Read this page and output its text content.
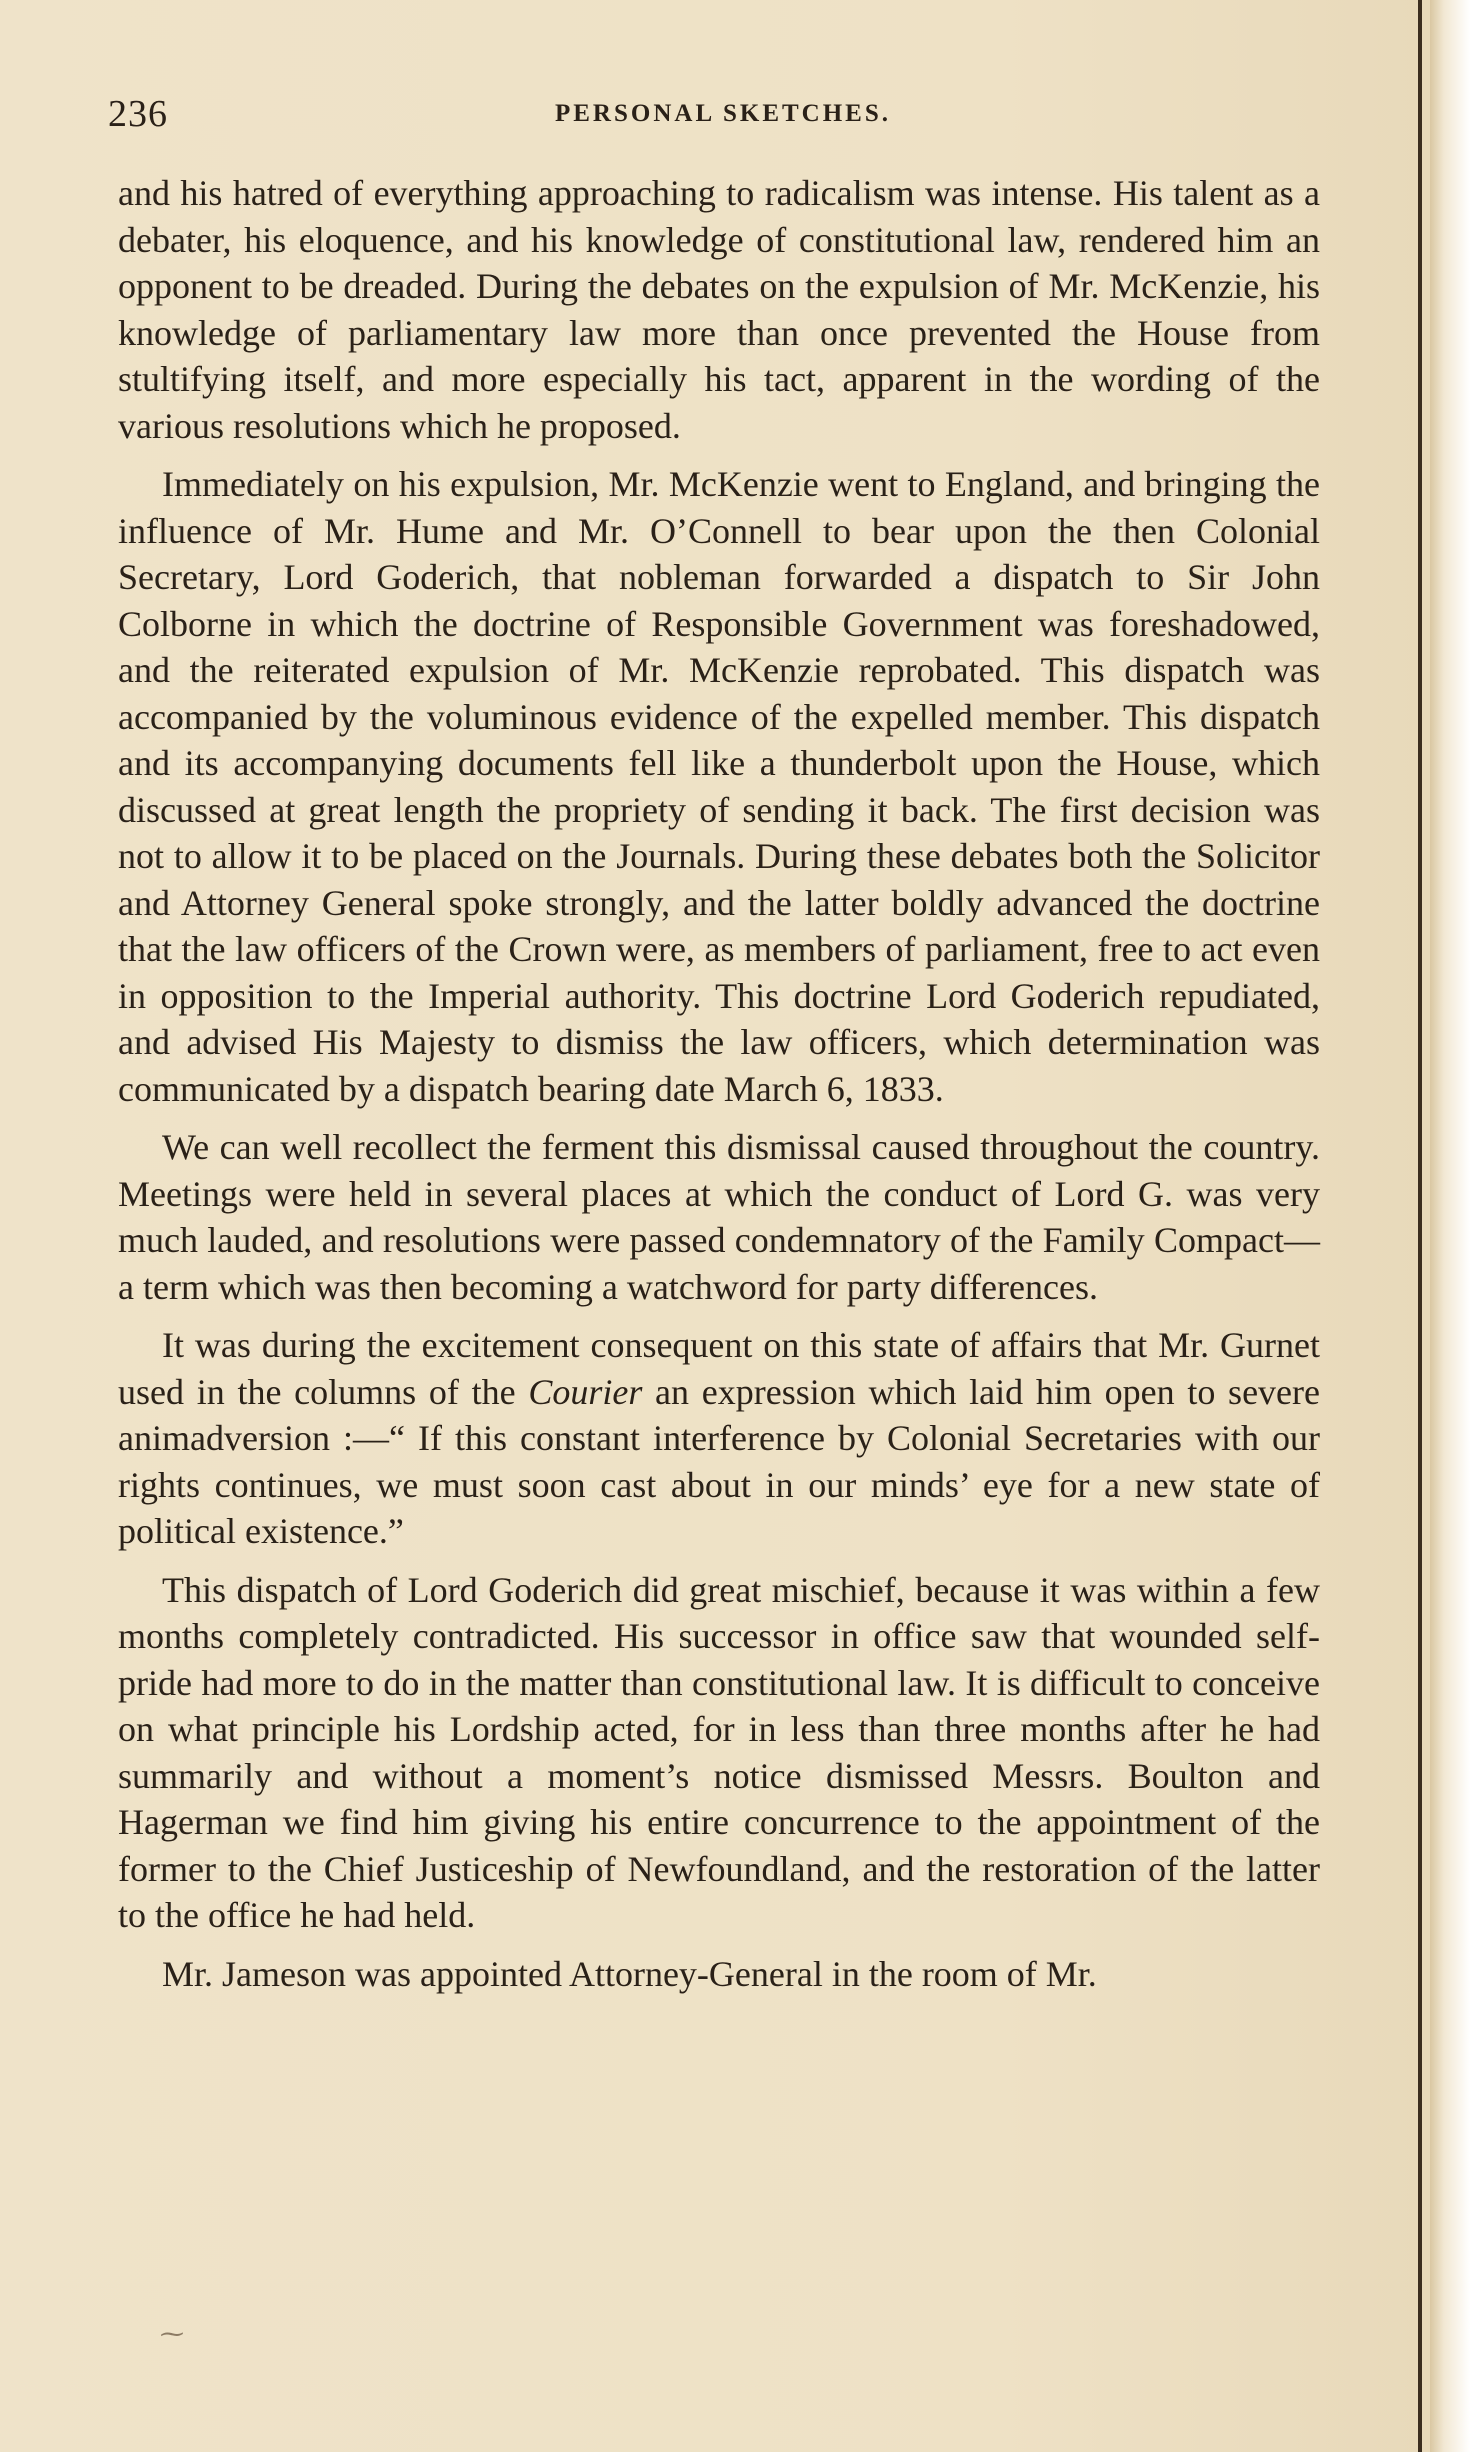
236	PERSONAL SKETCHES.

and his hatred of everything approaching to radicalism was intense. His talent as a debater, his eloquence, and his knowledge of constitutional law, rendered him an opponent to be dreaded. During the debates on the expulsion of Mr. McKenzie, his knowledge of parliamentary law more than once prevented the House from stultifying itself, and more especially his tact, apparent in the wording of the various resolutions which he proposed.

Immediately on his expulsion, Mr. McKenzie went to England, and bringing the influence of Mr. Hume and Mr. O’Connell to bear upon the then Colonial Secretary, Lord Goderich, that nobleman forwarded a dispatch to Sir John Colborne in which the doctrine of Responsible Government was foreshadowed, and the reiterated expulsion of Mr. McKenzie reprobated. This dispatch was accompanied by the voluminous evidence of the expelled member. This dispatch and its accompanying documents fell like a thunderbolt upon the House, which discussed at great length the propriety of sending it back. The first decision was not to allow it to be placed on the Journals. During these debates both the Solicitor and Attorney General spoke strongly, and the latter boldly advanced the doctrine that the law officers of the Crown were, as members of parliament, free to act even in opposition to the Imperial authority. This doctrine Lord Goderich repudiated, and advised His Majesty to dismiss the law officers, which determination was communicated by a dispatch bearing date March 6, 1833.

We can well recollect the ferment this dismissal caused throughout the country. Meetings were held in several places at which the conduct of Lord G. was very much lauded, and resolutions were passed condemnatory of the Family Compact—a term which was then becoming a watchword for party differences.

It was during the excitement consequent on this state of affairs that Mr. Gurnet used in the columns of the Courier an expression which laid him open to severe animadversion :—“ If this constant interference by Colonial Secretaries with our rights continues, we must soon cast about in our minds’ eye for a new state of political existence.”

This dispatch of Lord Goderich did great mischief, because it was within a few months completely contradicted. His successor in office saw that wounded self-pride had more to do in the matter than constitutional law. It is difficult to conceive on what principle his Lordship acted, for in less than three months after he had summarily and without a moment’s notice dismissed Messrs. Boulton and Hagerman we find him giving his entire concurrence to the appointment of the former to the Chief Justiceship of Newfoundland, and the restoration of the latter to the office he had held.

Mr. Jameson was appointed Attorney-General in the room of Mr.

⁓
